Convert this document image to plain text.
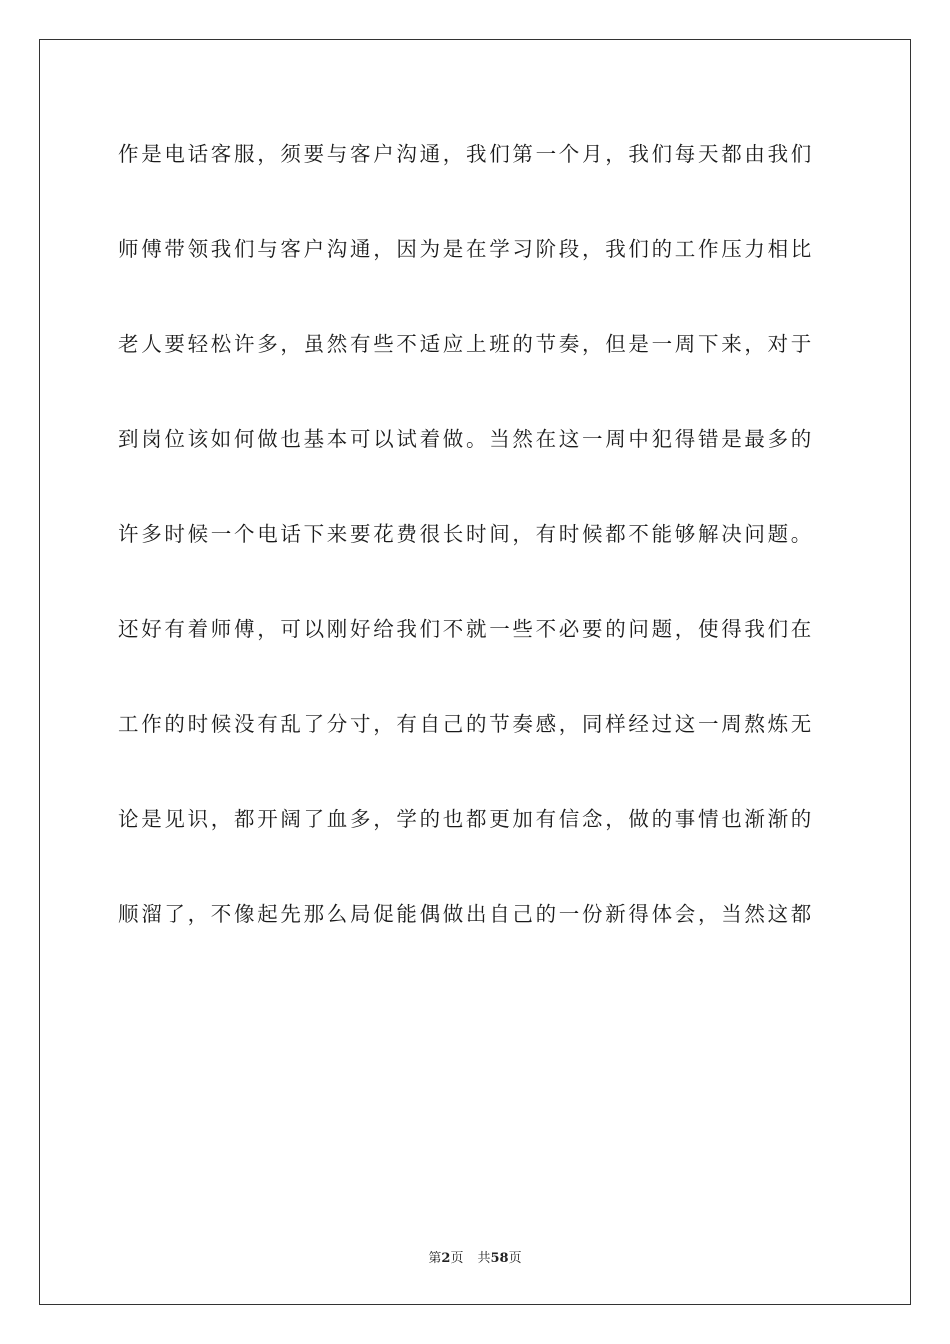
作是电话客服，须要与客户沟通，我们第一个月，我们每天都由我们
师傅带领我们与客户沟通，因为是在学习阶段，我们的工作压力相比
老人要轻松许多，虽然有些不适应上班的节奏，但是一周下来，对于
到岗位该如何做也基本可以试着做。当然在这一周中犯得错是最多的
许多时候一个电话下来要花费很长时间，有时候都不能够解决问题。
还好有着师傅，可以刚好给我们不就一些不必要的问题，使得我们在
工作的时候没有乱了分寸，有自己的节奏感，同样经过这一周熬炼无
论是见识，都开阔了血多，学的也都更加有信念，做的事情也渐渐的
顺溜了，不像起先那么局促能偶做出自己的一份新得体会，当然这都
第2页 共58页
